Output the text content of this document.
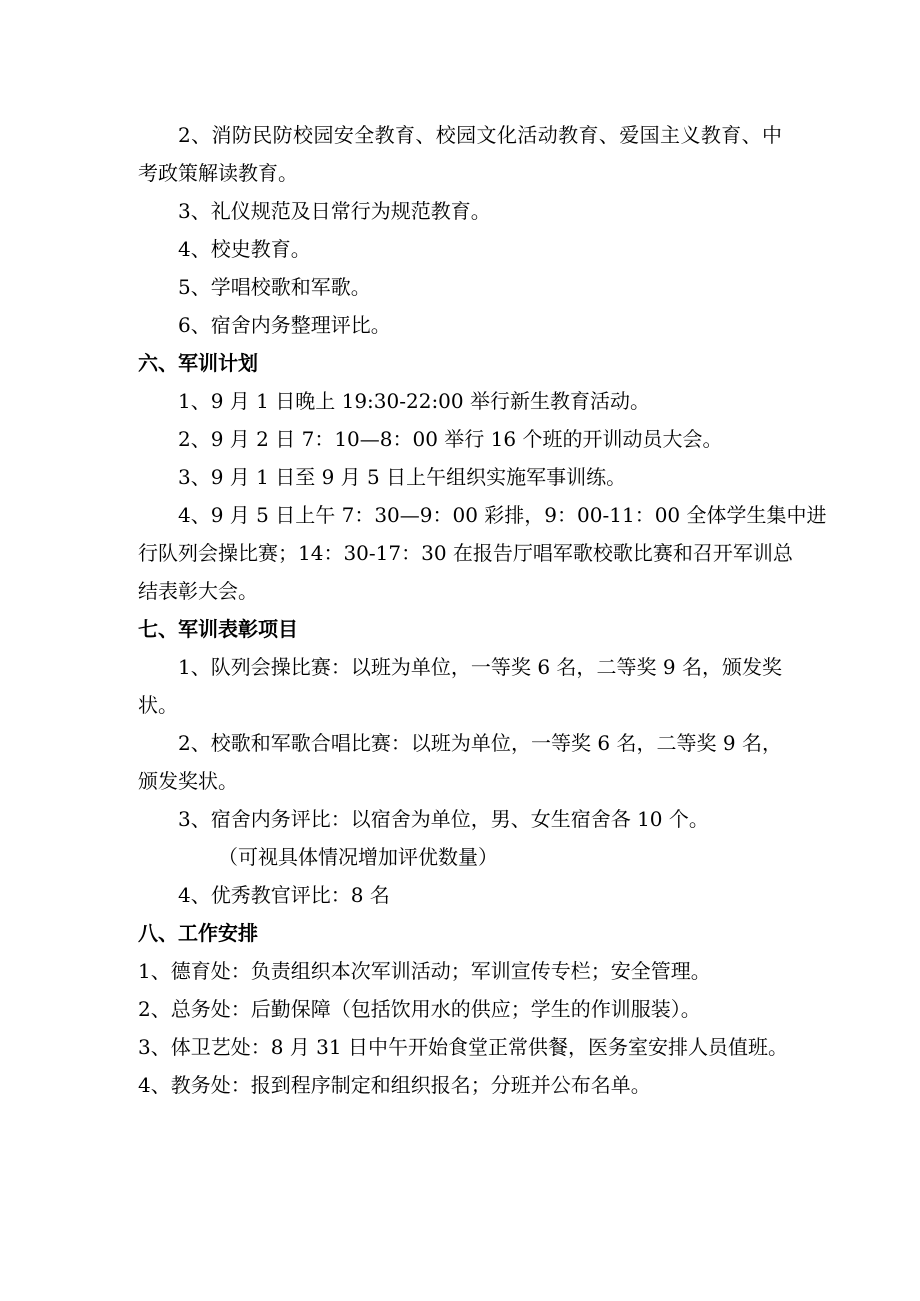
2、消防民防校园安全教育、校园文化活动教育、爱国主义教育、中
考政策解读教育。
3、礼仪规范及日常行为规范教育。
4、校史教育。
5、学唱校歌和军歌。
6、宿舍内务整理评比。
六、军训计划
1、9 月 1 日晚上 19:30-22:00 举行新生教育活动。
2、9 月 2 日 7：10—8：00 举行 16 个班的开训动员大会。
3、9 月 1 日至 9 月 5 日上午组织实施军事训练。
4、9 月 5 日上午 7：30—9：00 彩排，9：00-11：00 全体学生集中进
行队列会操比赛；14：30-17：30 在报告厅唱军歌校歌比赛和召开军训总
结表彰大会。
七、军训表彰项目
1、队列会操比赛：以班为单位，一等奖 6 名，二等奖 9 名，颁发奖
状。
2、校歌和军歌合唱比赛：以班为单位，一等奖 6 名，二等奖 9 名，
颁发奖状。
3、宿舍内务评比：以宿舍为单位，男、女生宿舍各 10 个。
（可视具体情况增加评优数量）
4、优秀教官评比：8 名
八、工作安排
1、德育处：负责组织本次军训活动；军训宣传专栏；安全管理。
2、总务处：后勤保障（包括饮用水的供应；学生的作训服装）。
3、体卫艺处：8 月 31 日中午开始食堂正常供餐，医务室安排人员值班。
4、教务处：报到程序制定和组织报名；分班并公布名单。
